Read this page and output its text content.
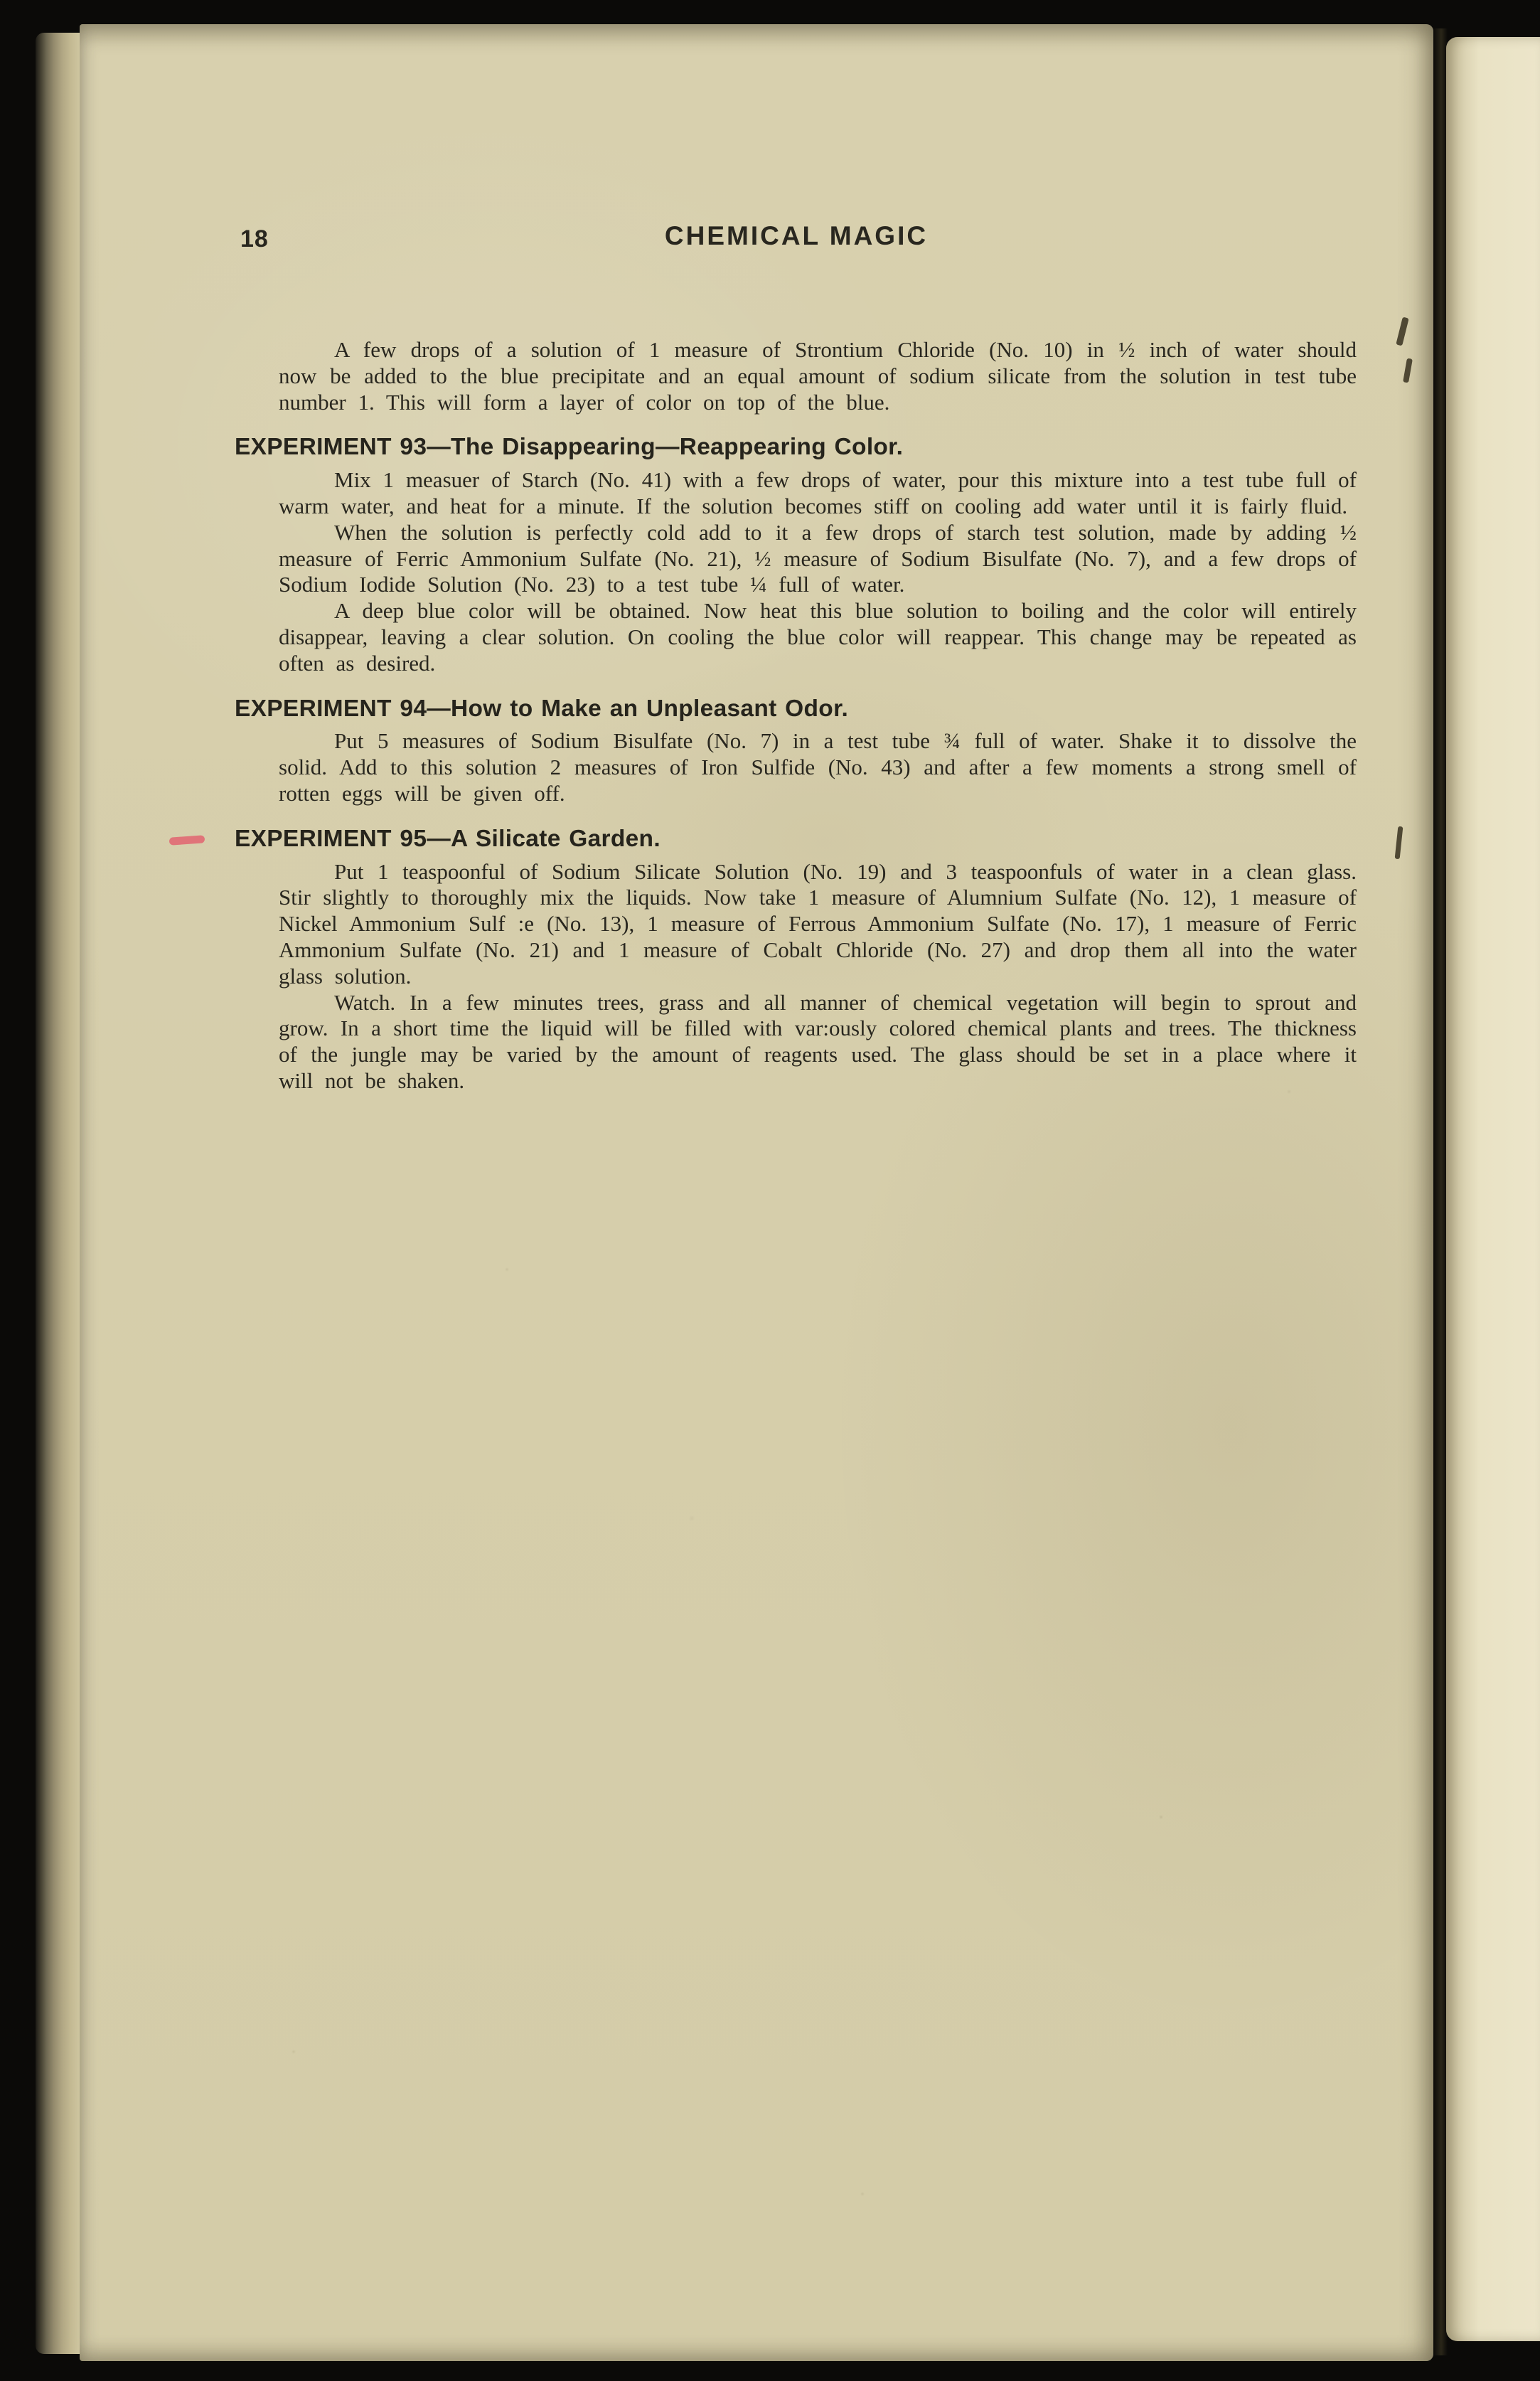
18	CHEMICAL MAGIC

A few drops of a solution of 1 measure of Strontium Chloride (No. 10) in ½ inch of water should now be added to the blue precipitate and an equal amount of sodium silicate from the solution in test tube number 1. This will form a layer of color on top of the blue.

EXPERIMENT 93—The Disappearing—Reappearing Color.

Mix 1 measuer of Starch (No. 41) with a few drops of water, pour this mixture into a test tube full of warm water, and heat for a minute. If the solution becomes stiff on cooling add water until it is fairly fluid.

When the solution is perfectly cold add to it a few drops of starch test solution, made by adding ½ measure of Ferric Ammonium Sulfate (No. 21), ½ measure of Sodium Bisulfate (No. 7), and a few drops of Sodium Iodide Solution (No. 23) to a test tube ¼ full of water.

A deep blue color will be obtained. Now heat this blue solution to boiling and the color will entirely disappear, leaving a clear solution. On cooling the blue color will reappear. This change may be repeated as often as desired.

EXPERIMENT 94—How to Make an Unpleasant Odor.

Put 5 measures of Sodium Bisulfate (No. 7) in a test tube ¾ full of water. Shake it to dissolve the solid. Add to this solution 2 measures of Iron Sulfide (No. 43) and after a few moments a strong smell of rotten eggs will be given off.

EXPERIMENT 95—A Silicate Garden.

Put 1 teaspoonful of Sodium Silicate Solution (No. 19) and 3 teaspoonfuls of water in a clean glass. Stir slightly to thoroughly mix the liquids. Now take 1 measure of Alumnium Sulfate (No. 12), 1 measure of Nickel Ammonium Sulf :e (No. 13), 1 measure of Ferrous Ammonium Sulfate (No. 17), 1 measure of Ferric Ammonium Sulfate (No. 21) and 1 measure of Cobalt Chloride (No. 27) and drop them all into the water glass solution.

Watch. In a few minutes trees, grass and all manner of chemical vegetation will begin to sprout and grow. In a short time the liquid will be filled with var:ously colored chemical plants and trees. The thickness of the jungle may be varied by the amount of reagents used. The glass should be set in a place where it will not be shaken.
